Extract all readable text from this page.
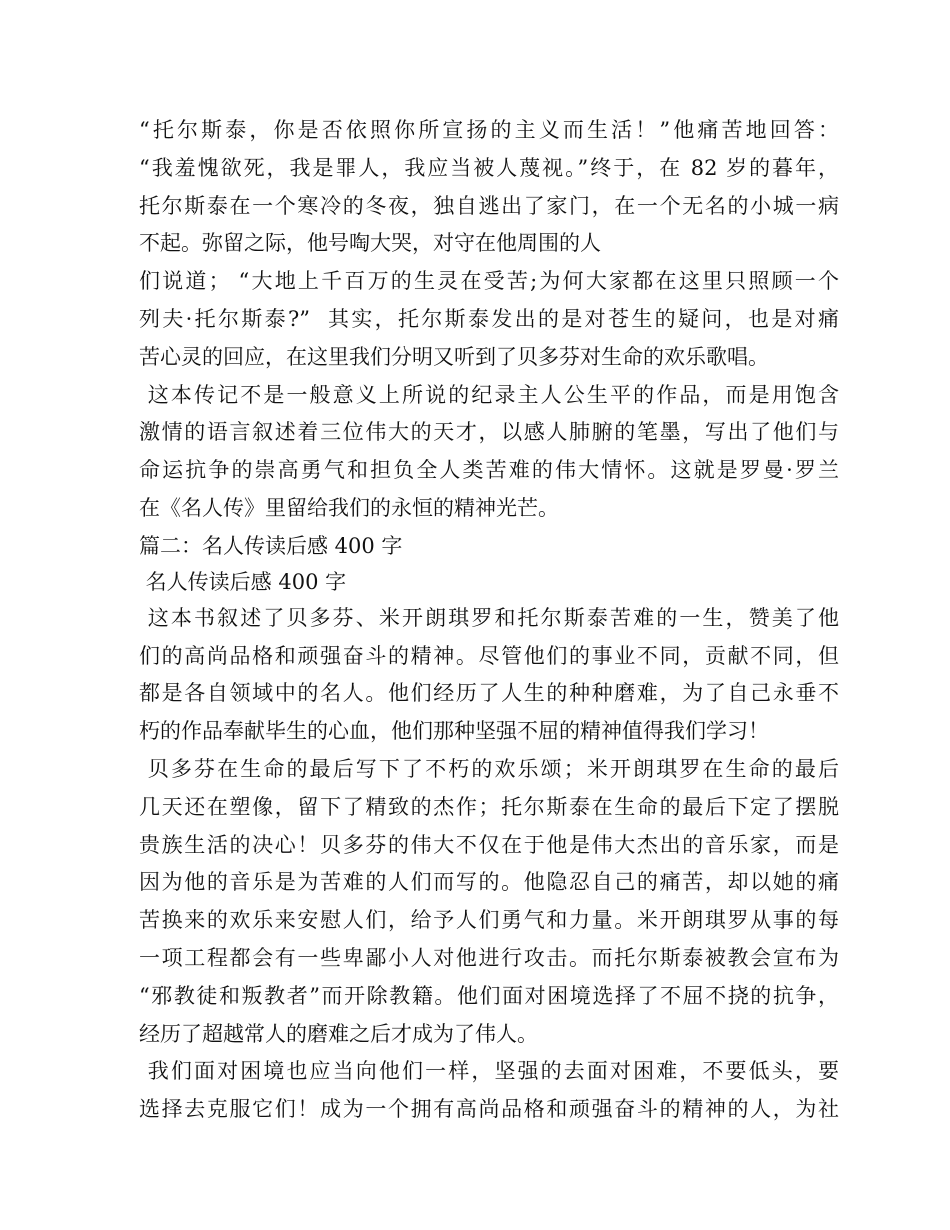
“托尔斯泰，你是否依照你所宣扬的主义而生活！”他痛苦地回答：
“我羞愧欲死，我是罪人，我应当被人蔑视。”终于，在 82 岁的暮年，
托尔斯泰在一个寒冷的冬夜，独自逃出了家门，在一个无名的小城一病
不起。弥留之际，他号啕大哭，对守在他周围的人
们说道； “大地上千百万的生灵在受苦;为何大家都在这里只照顾一个
列夫·托尔斯泰?”  其实，托尔斯泰发出的是对苍生的疑问，也是对痛
苦心灵的回应，在这里我们分明又听到了贝多芬对生命的欢乐歌唱。
这本传记不是一般意义上所说的纪录主人公生平的作品，而是用饱含
激情的语言叙述着三位伟大的天才，以感人肺腑的笔墨，写出了他们与
命运抗争的崇高勇气和担负全人类苦难的伟大情怀。这就是罗曼·罗兰
在《名人传》里留给我们的永恒的精神光芒。
篇二：名人传读后感 400 字
名人传读后感 400 字
这本书叙述了贝多芬、米开朗琪罗和托尔斯泰苦难的一生，赞美了他
们的高尚品格和顽强奋斗的精神。尽管他们的事业不同，贡献不同，但
都是各自领域中的名人。他们经历了人生的种种磨难，为了自己永垂不
朽的作品奉献毕生的心血，他们那种坚强不屈的精神值得我们学习！
贝多芬在生命的最后写下了不朽的欢乐颂；米开朗琪罗在生命的最后
几天还在塑像，留下了精致的杰作；托尔斯泰在生命的最后下定了摆脱
贵族生活的决心！贝多芬的伟大不仅在于他是伟大杰出的音乐家，而是
因为他的音乐是为苦难的人们而写的。他隐忍自己的痛苦，却以她的痛
苦换来的欢乐来安慰人们，给予人们勇气和力量。米开朗琪罗从事的每
一项工程都会有一些卑鄙小人对他进行攻击。而托尔斯泰被教会宣布为
“邪教徒和叛教者”而开除教籍。他们面对困境选择了不屈不挠的抗争，
经历了超越常人的磨难之后才成为了伟人。
我们面对困境也应当向他们一样，坚强的去面对困难，不要低头，要
选择去克服它们！成为一个拥有高尚品格和顽强奋斗的精神的人，为社
